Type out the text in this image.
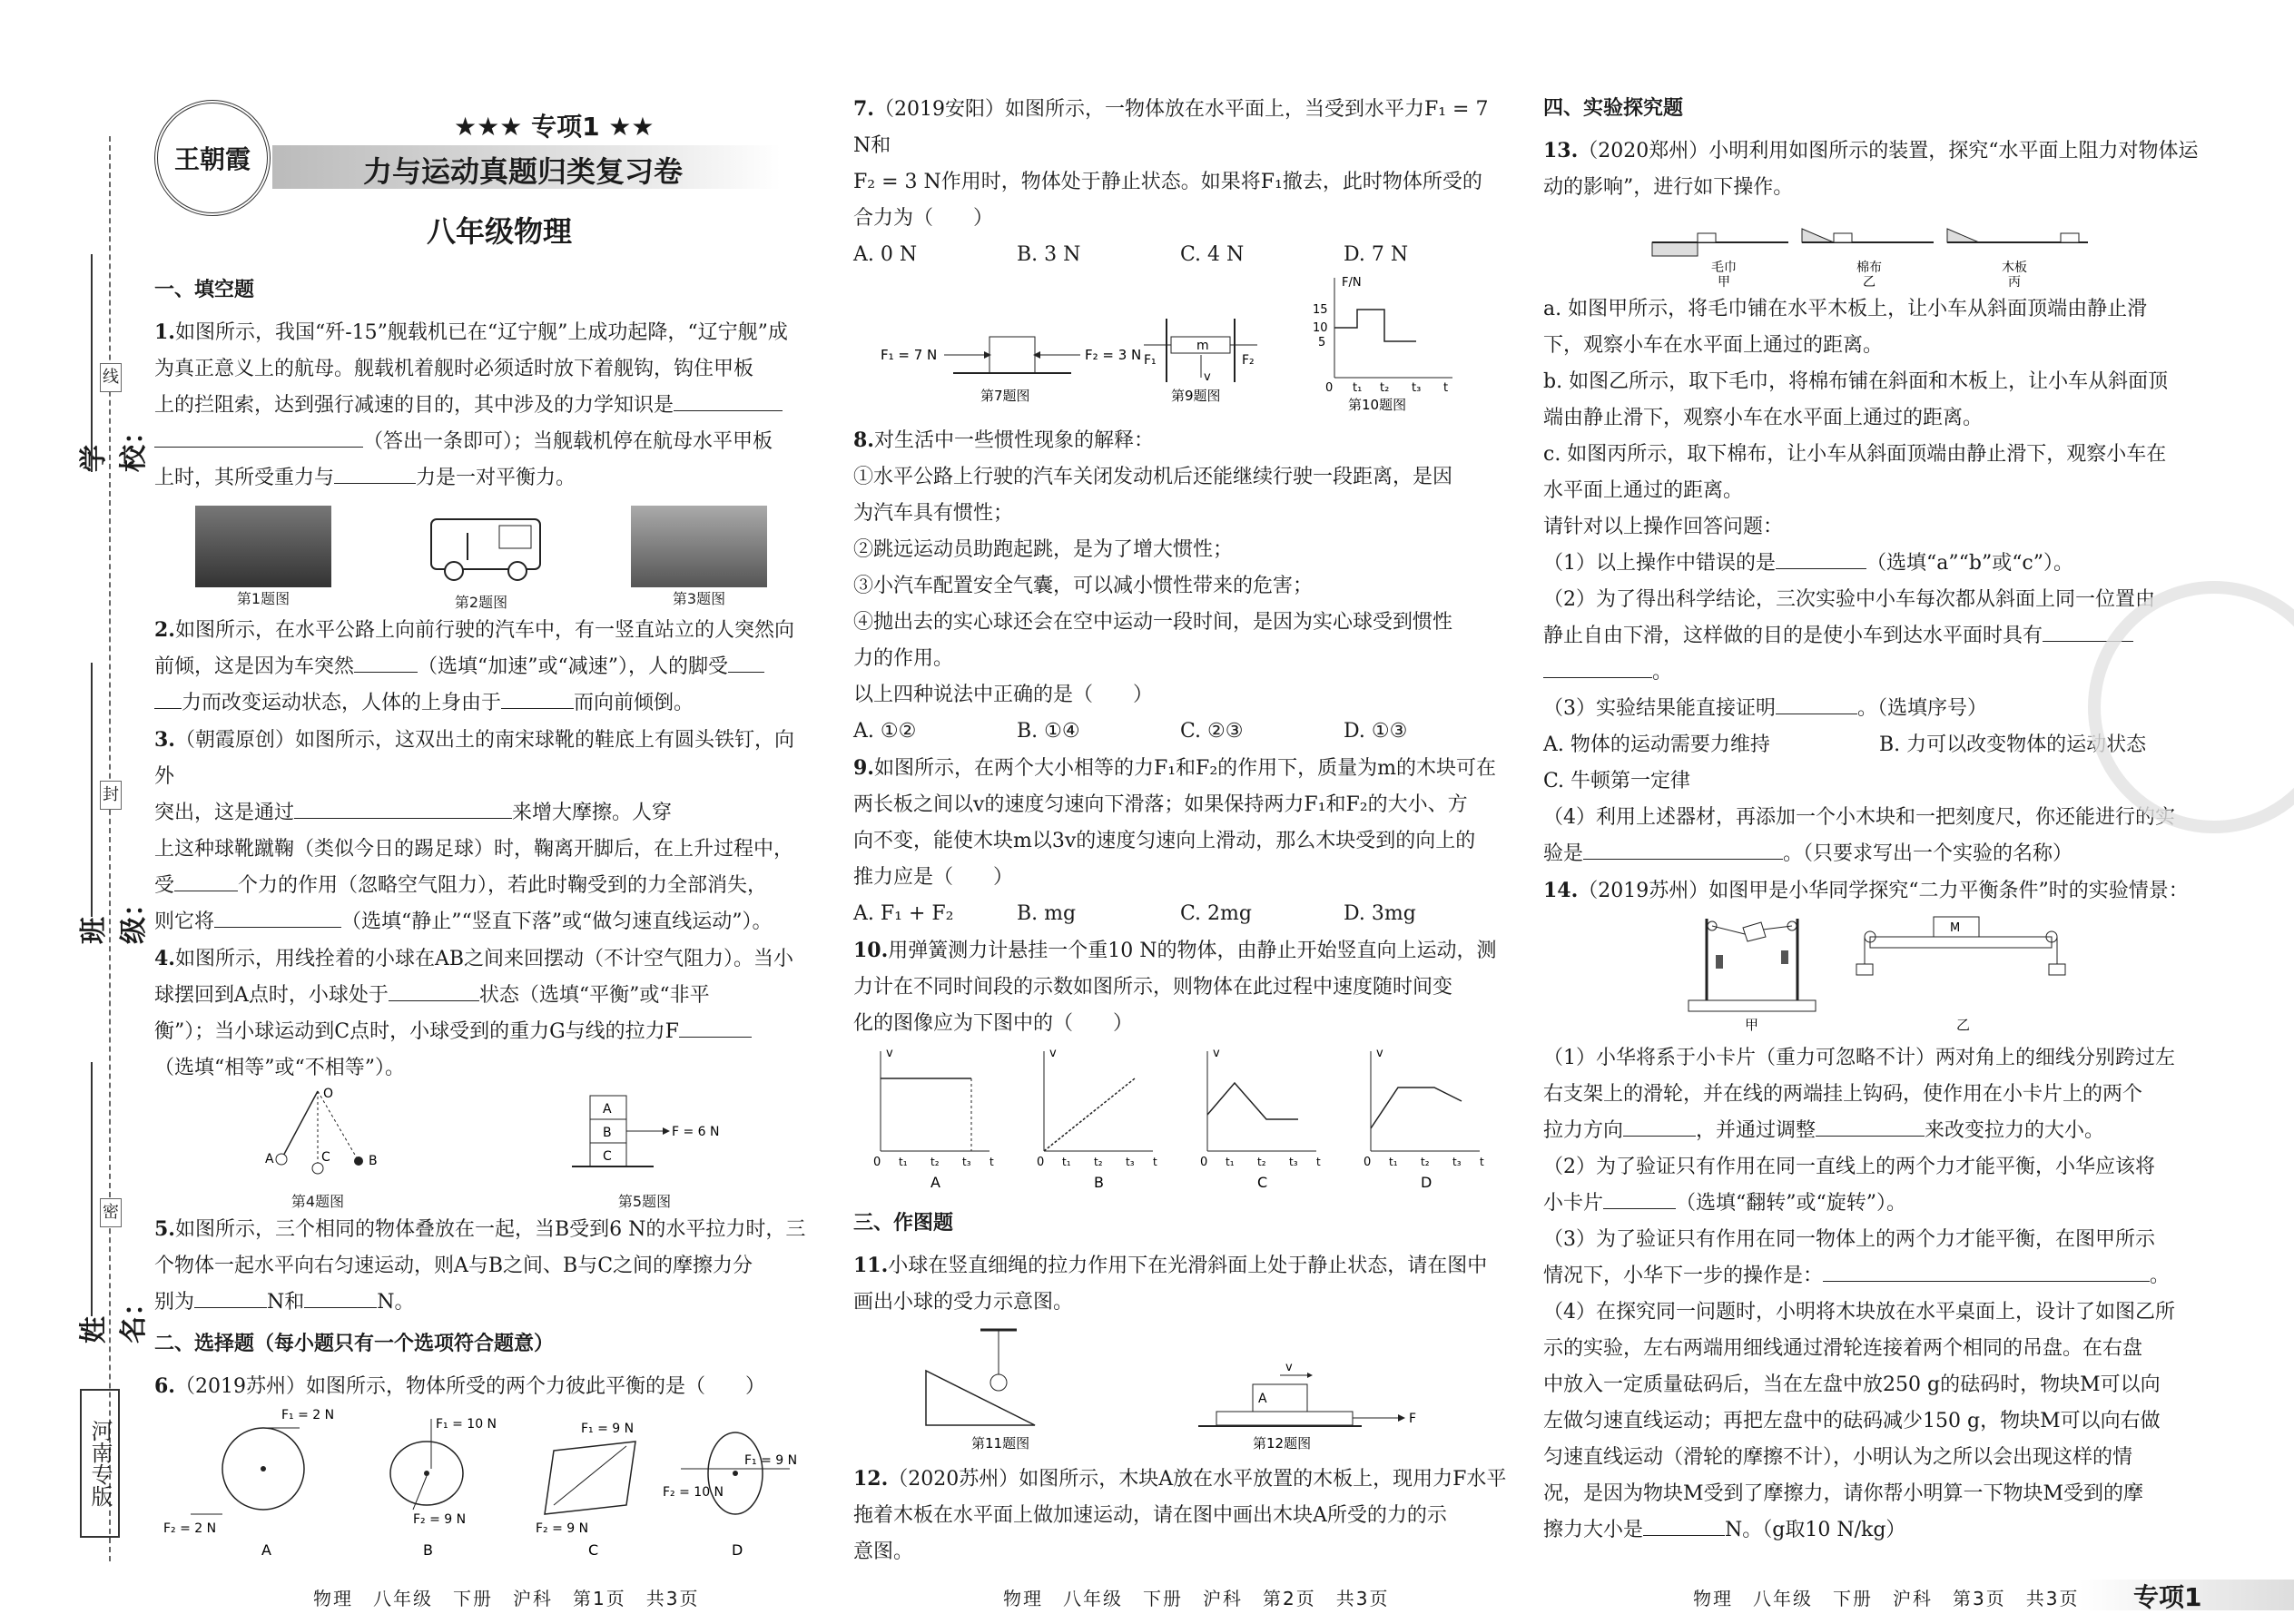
学校：
班级：
姓名：
线
封
密
河南专版
王朝霞
★★★ 专项1 ★★
力与运动真题归类复习卷
八年级物理
一、填空题

1.如图所示，我国“歼-15”舰载机已在“辽宁舰”上成功起降，“辽宁舰”成

为真正意义上的航母。舰载机着舰时必须适时放下着舰钩，钩住甲板

上的拦阻索，达到强行减速的目的，其中涉及的力学知识是

（答出一条即可）；当舰载机停在航母水平甲板

上时，其所受重力与	力是一对平衡力。

第1题图	第2题图	第3题图

2.如图所示，在水平公路上向前行驶的汽车中，有一竖直站立的人突然向

前倾，这是因为车突然	（选填“加速”或“减速”），人的脚受

力而改变运动状态，人体的上身由于	而向前倾倒。

3.（朝霞原创）如图所示，这双出土的南宋球靴的鞋底上有圆头铁钉，向外

突出，这是通过	来增大摩擦。人穿

上这种球靴蹴鞠（类似今日的踢足球）时，鞠离开脚后，在上升过程中，

受	个力的作用（忽略空气阻力），若此时鞠受到的力全部消失，

则它将	（选填“静止”“竖直下落”或“做匀速直线运动”）。

4.如图所示，用线拴着的小球在AB之间来回摆动（不计空气阻力）。当小

球摆回到A点时，小球处于	状态（选填“平衡”或“非平

衡”）；当小球运动到C点时，小球受到的重力G与线的拉力F

（选填“相等”或“不相等”）。

O
A	C	B
第4题图
A
B
C
F = 6 N
第5题图

5.如图所示，三个相同的物体叠放在一起，当B受到6 N的水平拉力时，三

个物体一起水平向右匀速运动，则A与B之间、B与C之间的摩擦力分

别为	N和	N。

二、选择题（每小题只有一个选项符合题意）

6.（2019苏州）如图所示，物体所受的两个力彼此平衡的是（　　）

F₁ = 2 N
F₂ = 2 N
A
F₁ = 10 N
F₂ = 9 N
B
F₁ = 9 N
F₂ = 9 N
C
F₂ = 10 N
F₁ = 9 N
D

7.（2019安阳）如图所示，一物体放在水平面上，当受到水平力F₁ = 7 N和

F₂ = 3 N作用时，物体处于静止状态。如果将F₁撤去，此时物体所受的

合力为（　　）

A. 0 N	B. 3 N	C. 4 N	D. 7 N
F₁ = 7 N	F₂ = 3 N
第7题图
m
F₁	F₂
v
第9题图
F/N
15
10
5
0 t₁ t₂ t₃ t
第10题图

8.对生活中一些惯性现象的解释：

①水平公路上行驶的汽车关闭发动机后还能继续行驶一段距离，是因

为汽车具有惯性；

②跳远运动员助跑起跳，是为了增大惯性；

③小汽车配置安全气囊，可以减小惯性带来的危害；

④抛出去的实心球还会在空中运动一段时间，是因为实心球受到惯性

力的作用。

以上四种说法中正确的是（　　）

A. ①②	B. ①④	C. ②③	D. ①③

9.如图所示，在两个大小相等的力F₁和F₂的作用下，质量为m的木块可在

两长板之间以v的速度匀速向下滑落；如果保持两力F₁和F₂的大小、方

向不变，能使木块m以3v的速度匀速向上滑动，那么木块受到的向上的

推力应是（　　）

A. F₁ + F₂	B. mg	C. 2mg	D. 3mg

10.用弹簧测力计悬挂一个重10 N的物体，由静止开始竖直向上运动，测

力计在不同时间段的示数如图所示，则物体在此过程中速度随时间变

化的图像应为下图中的（　　）

v
0 t₁ t₂ t₃ t
A
v
0 t₁ t₂ t₃ t
B
v
0 t₁ t₂ t₃ t
C
v
0 t₁ t₂ t₃ t
D
三、作图题

11.小球在竖直细绳的拉力作用下在光滑斜面上处于静止状态，请在图中

画出小球的受力示意图。

第11题图
A
v
F
第12题图

12.（2020苏州）如图所示，木块A放在水平放置的木板上，现用力F水平

拖着木板在水平面上做加速运动，请在图中画出木块A所受的力的示

意图。

四、实验探究题

13.（2020郑州）小明利用如图所示的装置，探究“水平面上阻力对物体运

动的影响”，进行如下操作。

毛巾
甲
棉布
乙
木板
丙

a. 如图甲所示，将毛巾铺在水平木板上，让小车从斜面顶端由静止滑

下，观察小车在水平面上通过的距离。

b. 如图乙所示，取下毛巾，将棉布铺在斜面和木板上，让小车从斜面顶

端由静止滑下，观察小车在水平面上通过的距离。

c. 如图丙所示，取下棉布，让小车从斜面顶端由静止滑下，观察小车在

水平面上通过的距离。

请针对以上操作回答问题：

（1）以上操作中错误的是	（选填“a”“b”或“c”）。

（2）为了得出科学结论，三次实验中小车每次都从斜面上同一位置由

静止自由下滑，这样做的目的是使小车到达水平面时具有

。

（3）实验结果能直接证明	。（选填序号）

A. 物体的运动需要力维持	B. 力可以改变物体的运动状态

C. 牛顿第一定律

（4）利用上述器材，再添加一个小木块和一把刻度尺，你还能进行的实

验是	。（只要求写出一个实验的名称）

14.（2019苏州）如图甲是小华同学探究“二力平衡条件”时的实验情景：

甲
M
乙

（1）小华将系于小卡片（重力可忽略不计）两对角上的细线分别跨过左

右支架上的滑轮，并在线的两端挂上钩码，使作用在小卡片上的两个

拉力方向	，并通过调整	来改变拉力的大小。

（2）为了验证只有作用在同一直线上的两个力才能平衡，小华应该将

小卡片	（选填“翻转”或“旋转”）。

（3）为了验证只有作用在同一物体上的两个力才能平衡，在图甲所示

情况下，小华下一步的操作是：	。

（4）在探究同一问题时，小明将木块放在水平桌面上，设计了如图乙所

示的实验，左右两端用细线通过滑轮连接着两个相同的吊盘。在右盘

中放入一定质量砝码后，当在左盘中放250 g的砝码时，物块M可以向

左做匀速直线运动；再把左盘中的砝码减少150 g，物块M可以向右做

匀速直线运动（滑轮的摩擦不计），小明认为之所以会出现这样的情

况，是因为物块M受到了摩擦力，请你帮小明算一下物块M受到的摩

擦力大小是	N。（g取10 N/kg）

物理　八年级　下册　沪科　第1页　共3页	物理　八年级　下册　沪科　第2页　共3页	物理　八年级　下册　沪科　第3页　共3页 专项1
